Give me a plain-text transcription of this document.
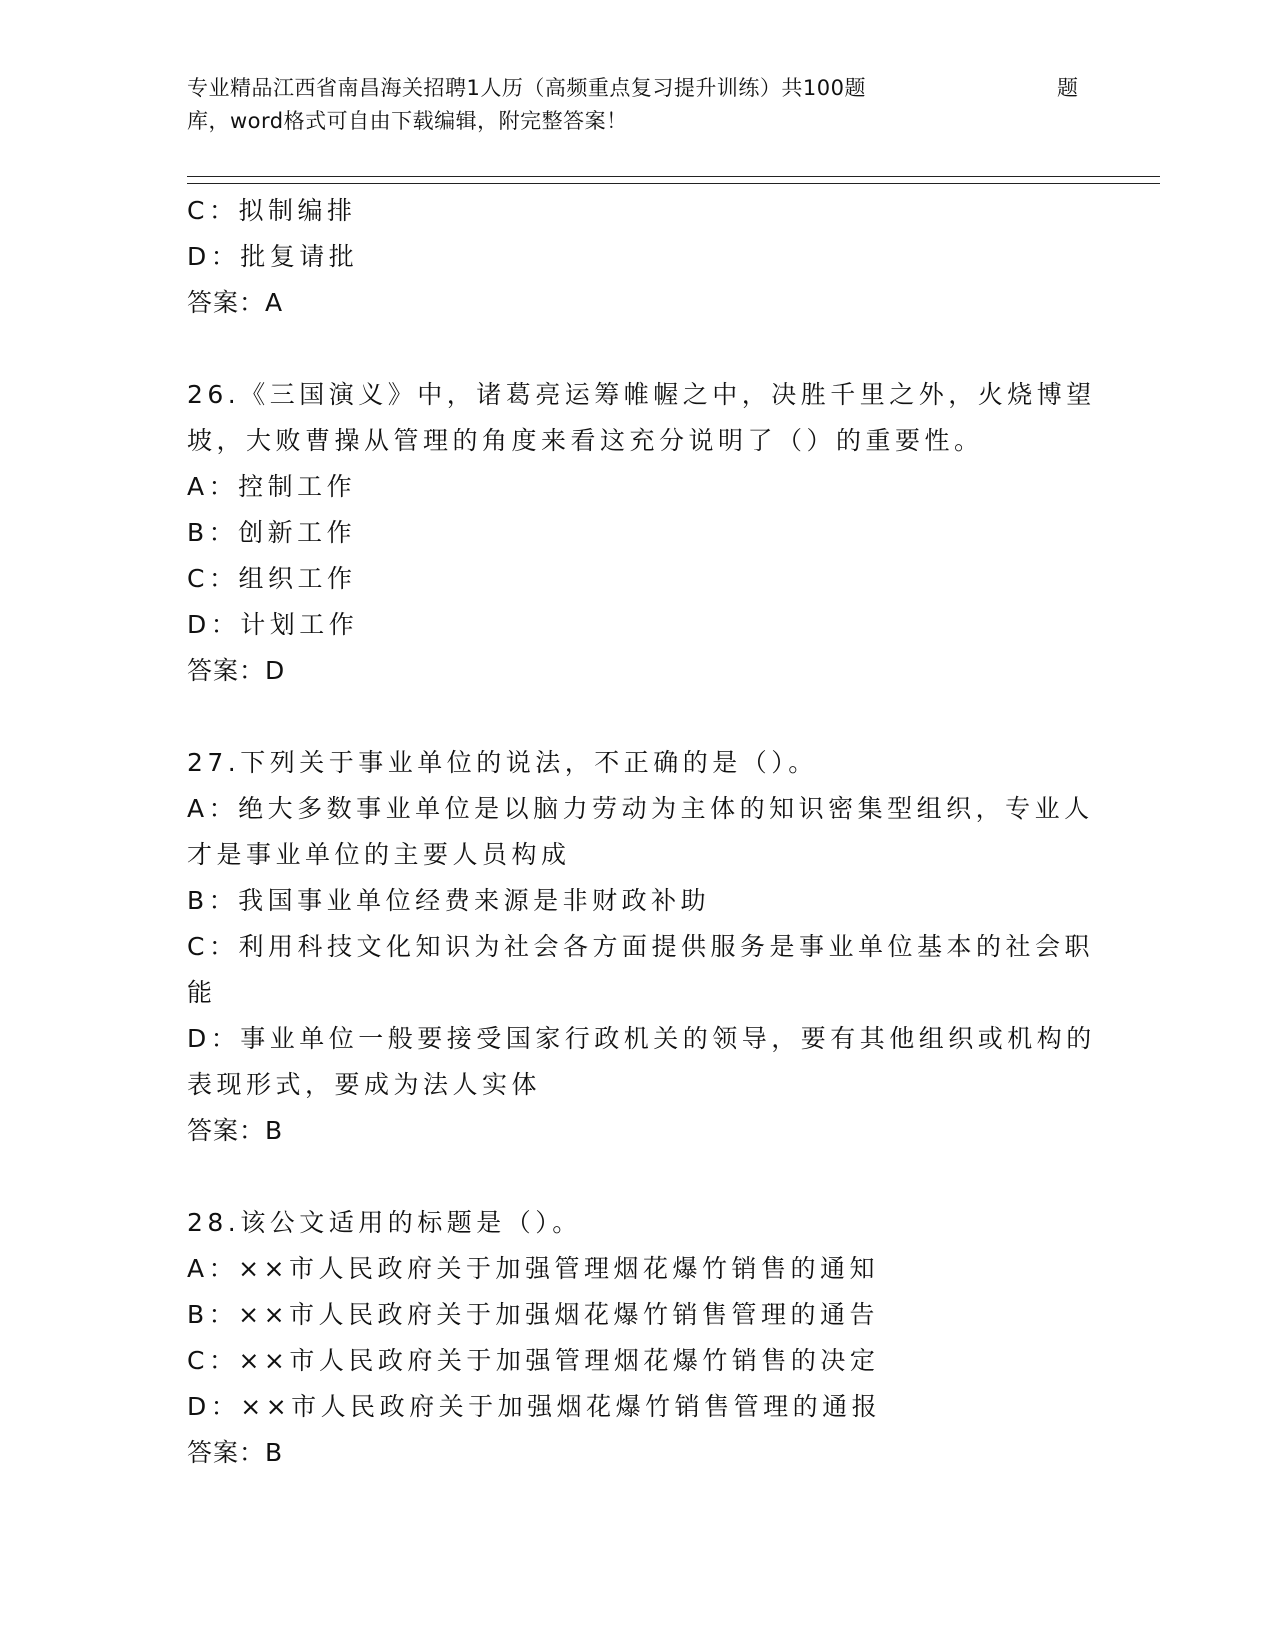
专业精品江西省南昌海关招聘1人历（高频重点复习提升训练）共100题	题
库，word格式可自由下载编辑，附完整答案！
C：拟制编排
D：批复请批
答案：A
26.《三国演义》中，诸葛亮运筹帷幄之中，决胜千里之外，火烧博望
坡，大败曹操从管理的角度来看这充分说明了（）的重要性。
A：控制工作
B：创新工作
C：组织工作
D：计划工作
答案：D
27.下列关于事业单位的说法，不正确的是（）。
A：绝大多数事业单位是以脑力劳动为主体的知识密集型组织，专业人
才是事业单位的主要人员构成
B：我国事业单位经费来源是非财政补助
C：利用科技文化知识为社会各方面提供服务是事业单位基本的社会职
能
D：事业单位一般要接受国家行政机关的领导，要有其他组织或机构的
表现形式，要成为法人实体
答案：B
28.该公文适用的标题是（）。
A：××市人民政府关于加强管理烟花爆竹销售的通知
B：××市人民政府关于加强烟花爆竹销售管理的通告
C：××市人民政府关于加强管理烟花爆竹销售的决定
D：××市人民政府关于加强烟花爆竹销售管理的通报
答案：B
